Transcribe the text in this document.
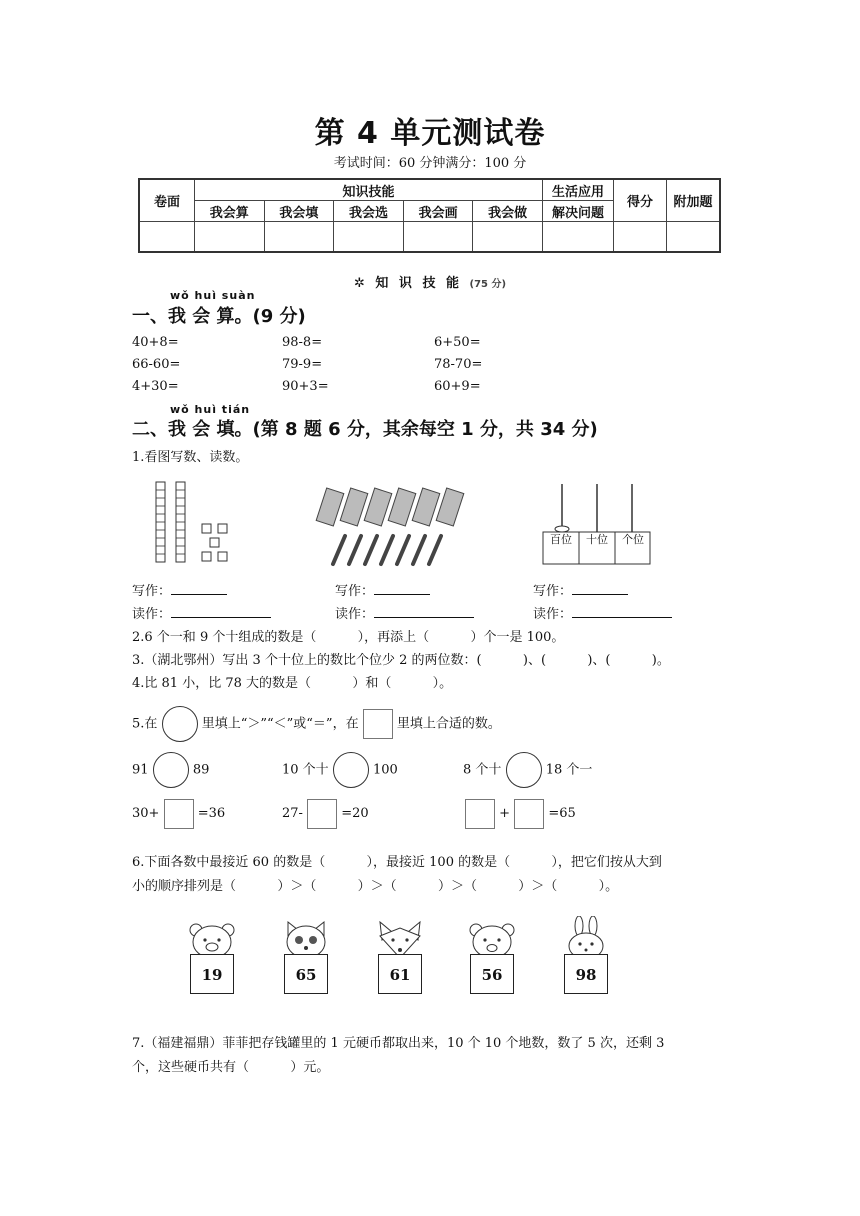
第 4 单元测试卷
考试时间：60 分钟满分：100 分
卷面	知识技能					生活应用	得分	附加题
	我会算	我会填	我会选	我会画	我会做	解决问题		

✲ 知 识 技 能 (75 分)
wǒ huì suàn
一、我 会 算。(9 分)
40+8=	98-8=	6+50=
66-60=	79-9=	78-70=
4+30=	90+3=	60+9=
wǒ huì tián
二、我 会 填。(第 8 题 6 分，其余每空 1 分，共 34 分)
1.看图写数、读数。
百位	十位	个位
写作：	写作：	写作：
读作：	读作：	读作：
2.6 个一和 9 个十组成的数是（          ），再添上（          ）个一是 100。
3.（湖北鄂州）写出 3 个十位上的数比个位少 2 的两位数：(          )、(          )、(          )。
4.比 81 小，比 78 大的数是（          ）和（          ）。
5.在	里填上“＞”“＜”或“＝”，在	里填上合适的数。
91	89	10 个十	100	8 个十	18 个一
30+	=36	27-	=20	+	=65
6.下面各数中最接近 60 的数是（          ），最接近 100 的数是（          ），把它们按从大到
小的顺序排列是（          ）＞（          ）＞（          ）＞（          ）＞（          ）。
19	65	61	56	98
7.（福建福鼎）菲菲把存钱罐里的 1 元硬币都取出来，10 个 10 个地数，数了 5 次，还剩 3
个，这些硬币共有（          ）元。
